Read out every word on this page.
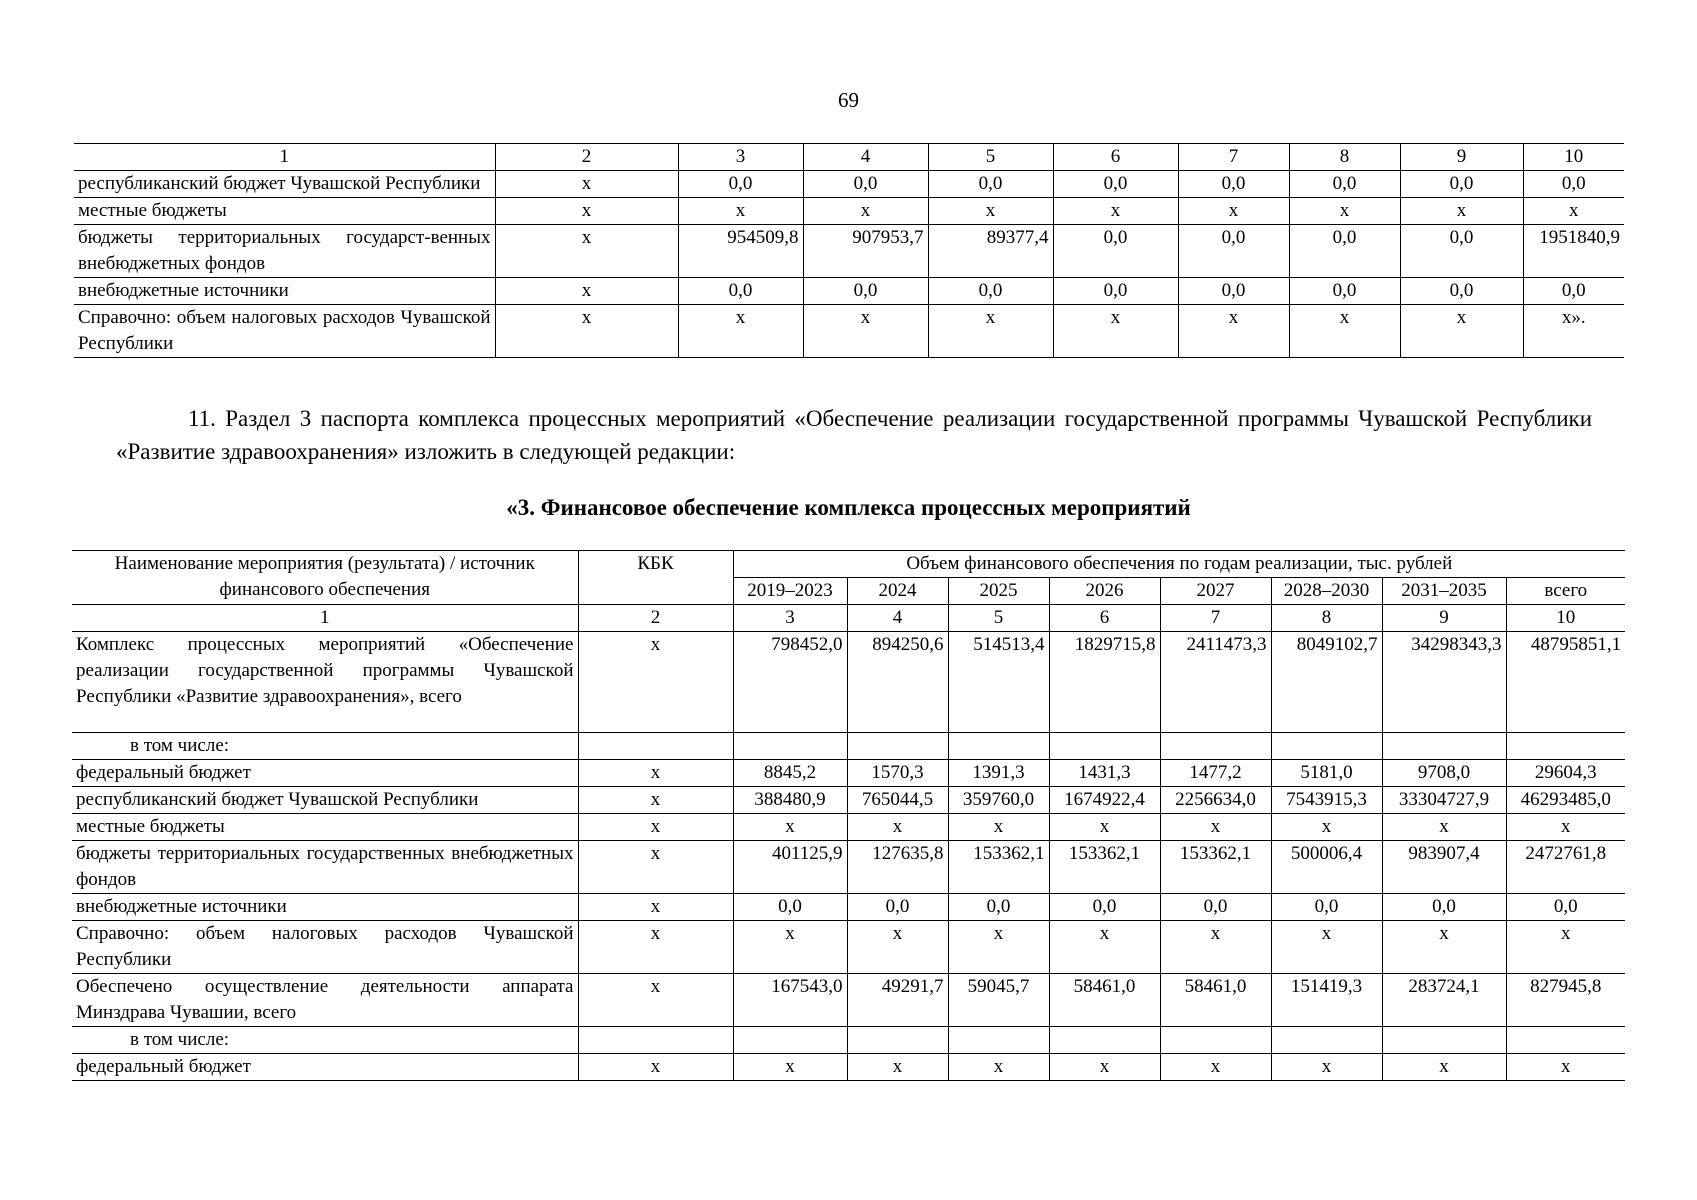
69
1	2	3	4	5	6	7	8	9	10
республиканский бюджет Чувашской Республики	x	0,0	0,0	0,0	0,0	0,0	0,0	0,0	0,0
местные бюджеты	x	x	x	x	x	x	x	x	x
бюджеты территориальных государст-венных внебюджетных фондов	x	954509,8	907953,7	89377,4	0,0	0,0	0,0	0,0	1951840,9
внебюджетные источники	x	0,0	0,0	0,0	0,0	0,0	0,0	0,0	0,0
Справочно: объем налоговых расходов Чувашской Республики	x	x	x	x	x	x	x	x	x».
11. Раздел 3 паспорта комплекса процессных мероприятий «Обеспечение реализации государственной программы Чувашской Республики «Развитие здравоохранения» изложить в следующей редакции:
«3. Финансовое обеспечение комплекса процессных мероприятий
Наименование мероприятия (результата) / источник финансового обеспечения	КБК	Объем финансового обеспечения по годам реализации, тыс. рублей							
		2019–2023	2024	2025	2026	2027	2028–2030	2031–2035	всего
1	2	3	4	5	6	7	8	9	10
Комплекс процессных мероприятий «Обеспечение реализации государственной программы Чувашской Республики «Развитие здравоохранения», всего	x	798452,0	894250,6	514513,4	1829715,8	2411473,3	8049102,7	34298343,3	48795851,1
в том числе:									
федеральный бюджет	x	8845,2	1570,3	1391,3	1431,3	1477,2	5181,0	9708,0	29604,3
республиканский бюджет Чувашской Республики	x	388480,9	765044,5	359760,0	1674922,4	2256634,0	7543915,3	33304727,9	46293485,0
местные бюджеты	x	x	x	x	x	x	x	x	x
бюджеты территориальных государственных внебюджетных фондов	x	401125,9	127635,8	153362,1	153362,1	153362,1	500006,4	983907,4	2472761,8
внебюджетные источники	x	0,0	0,0	0,0	0,0	0,0	0,0	0,0	0,0
Справочно: объем налоговых расходов Чувашской Республики	x	x	x	x	x	x	x	x	x
Обеспечено осуществление деятельности аппарата Минздрава Чувашии, всего	x	167543,0	49291,7	59045,7	58461,0	58461,0	151419,3	283724,1	827945,8
в том числе:									
федеральный бюджет	x	x	x	x	x	x	x	x	x
